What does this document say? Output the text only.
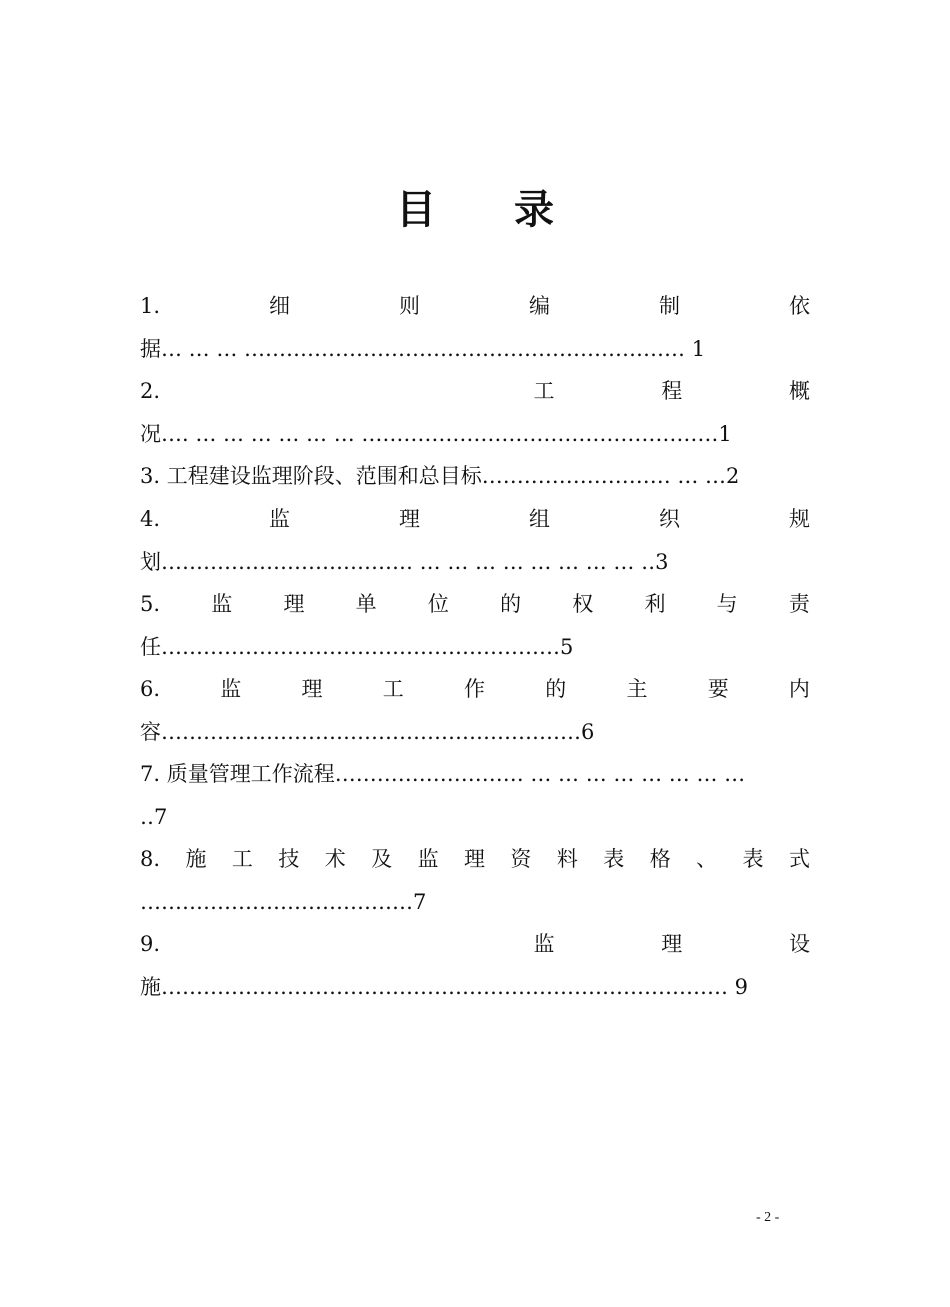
目 录
1.	细	则	编	制	依
据… … … ……………………………………………………… 1
2.	工	程	概
况…. … … … … … … ……………………………………………1
3. 工程建设监理阶段、范围和总目标……………………… … …2
4.	监	理	组	织	规
划……………………………… … … … … … … … … ‥3
5. 监 理 单 位 的 权 利 与 责
任…………………………………………………5
6.	监	理	工	作	的	主	要	内
容……………………………………………………6
7. 质量管理工作流程……………………… … … … … … … … …
‥7
8. 施 工 技 术 及 监 理 资 料 表 格 、 表 式
…………………………………7
9.	监	理	设
施……………………………………………………………………… 9
- 2 -
